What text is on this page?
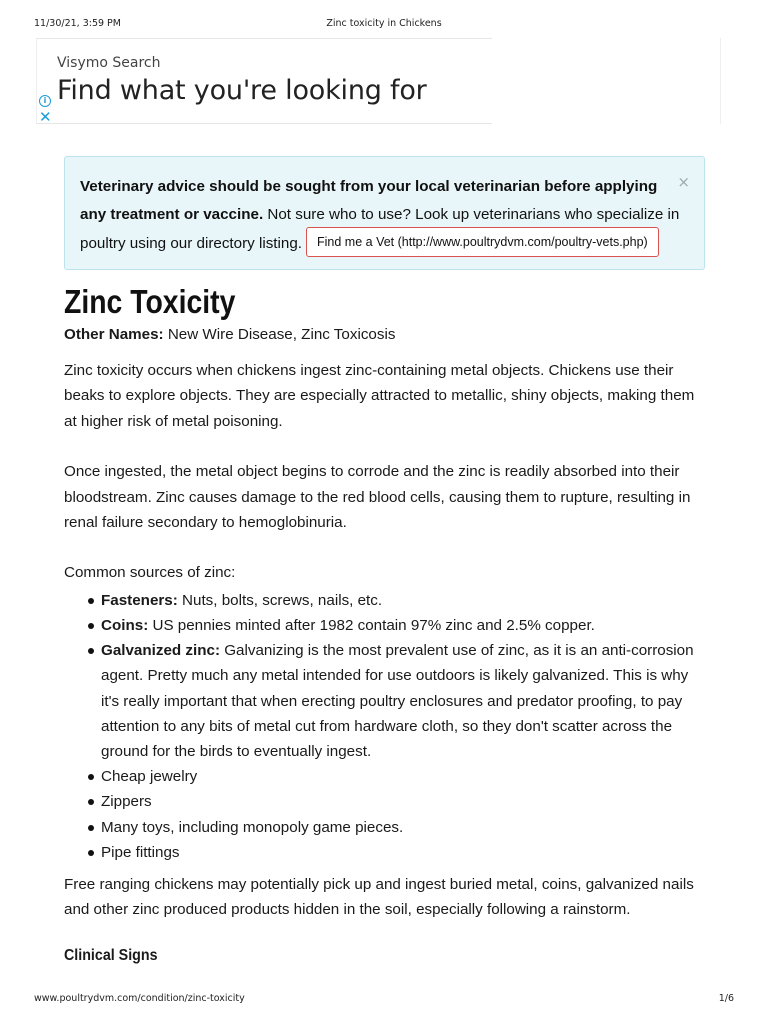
11/30/21, 3:59 PM	Zinc toxicity in Chickens
Visymo Search
Find what you're looking for
i
✕
Veterinary advice should be sought from your local veterinarian before applying any treatment or vaccine. Not sure who to use? Look up veterinarians who specialize in poultry using our directory listing. Find me a Vet (http://www.poultrydvm.com/poultry-vets.php)
×
Zinc Toxicity
Other Names: New Wire Disease, Zinc Toxicosis

Zinc toxicity occurs when chickens ingest zinc-containing metal objects. Chickens use their beaks to explore objects. They are especially attracted to metallic, shiny objects, making them at higher risk of metal poisoning.

Once ingested, the metal object begins to corrode and the zinc is readily absorbed into their bloodstream. Zinc causes damage to the red blood cells, causing them to rupture, resulting in renal failure secondary to hemoglobinuria.

Common sources of zinc:

Fasteners: Nuts, bolts, screws, nails, etc.
Coins: US pennies minted after 1982 contain 97% zinc and 2.5% copper.
Galvanized zinc: Galvanizing is the most prevalent use of zinc, as it is an anti-corrosion agent. Pretty much any metal intended for use outdoors is likely galvanized. This is why it's really important that when erecting poultry enclosures and predator proofing, to pay attention to any bits of metal cut from hardware cloth, so they don't scatter across the ground for the birds to eventually ingest.
Cheap jewelry
Zippers
Many toys, including monopoly game pieces.
Pipe fittings

Free ranging chickens may potentially pick up and ingest buried metal, coins, galvanized nails and other zinc produced products hidden in the soil, especially following a rainstorm.

Clinical Signs
www.poultrydvm.com/condition/zinc-toxicity	1/6
